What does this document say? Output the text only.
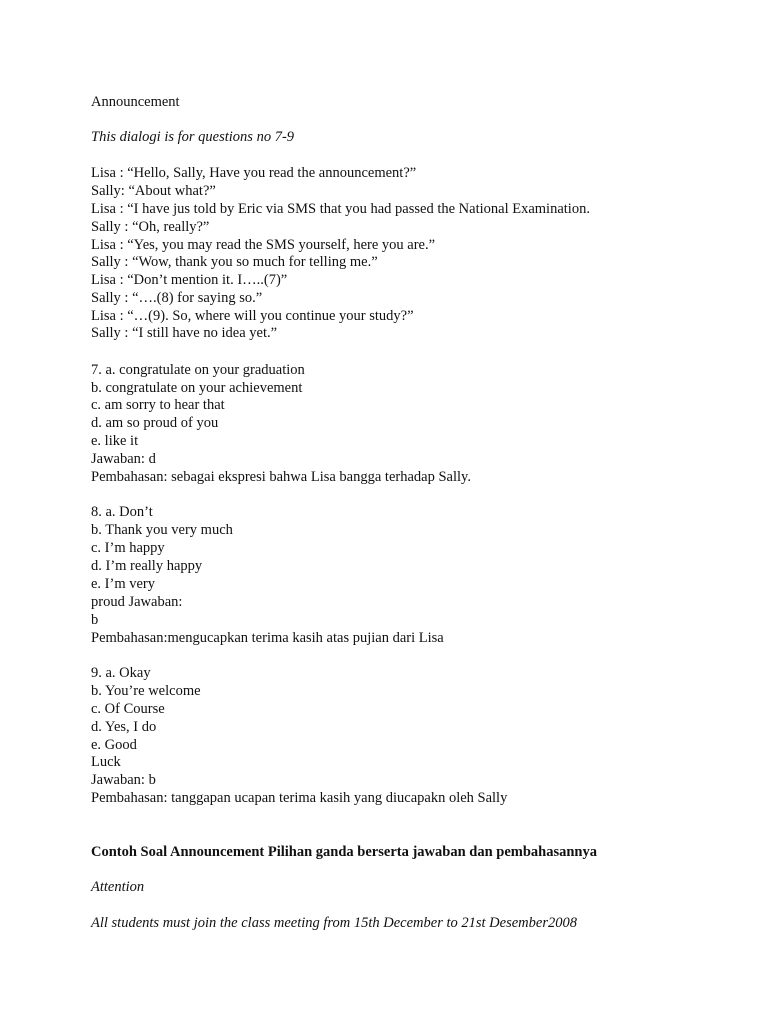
Announcement
This dialogi is for questions no 7-9
Lisa : “Hello, Sally, Have you read the announcement?”
Sally: “About what?”
Lisa : “I have jus told by Eric via SMS that you had passed the National Examination.
Sally : “Oh, really?”
Lisa : “Yes, you may read the SMS yourself, here you are.”
Sally : “Wow, thank you so much for telling me.”
Lisa : “Don’t mention it. I…..(7)”
Sally : “….(8) for saying so.”
Lisa : “…(9). So, where will you continue your study?”
Sally : “I still have no idea yet.”
7. a. congratulate on your graduation
b. congratulate on your achievement
c. am sorry to hear that
d. am so proud of you
e. like it
Jawaban: d
Pembahasan: sebagai ekspresi bahwa Lisa bangga terhadap Sally.
8. a. Don’t
b. Thank you very much
c. I’m happy
d. I’m really happy
e. I’m very
proud Jawaban:
b
Pembahasan:mengucapkan terima kasih atas pujian dari Lisa
9. a. Okay
b. You’re welcome
c. Of Course
d. Yes, I do
e. Good
Luck
Jawaban: b
Pembahasan: tanggapan ucapan terima kasih yang diucapakn oleh Sally
Contoh Soal Announcement Pilihan ganda berserta jawaban dan pembahasannya
Attention
All students must join the class meeting from 15th December to 21st Desember2008
